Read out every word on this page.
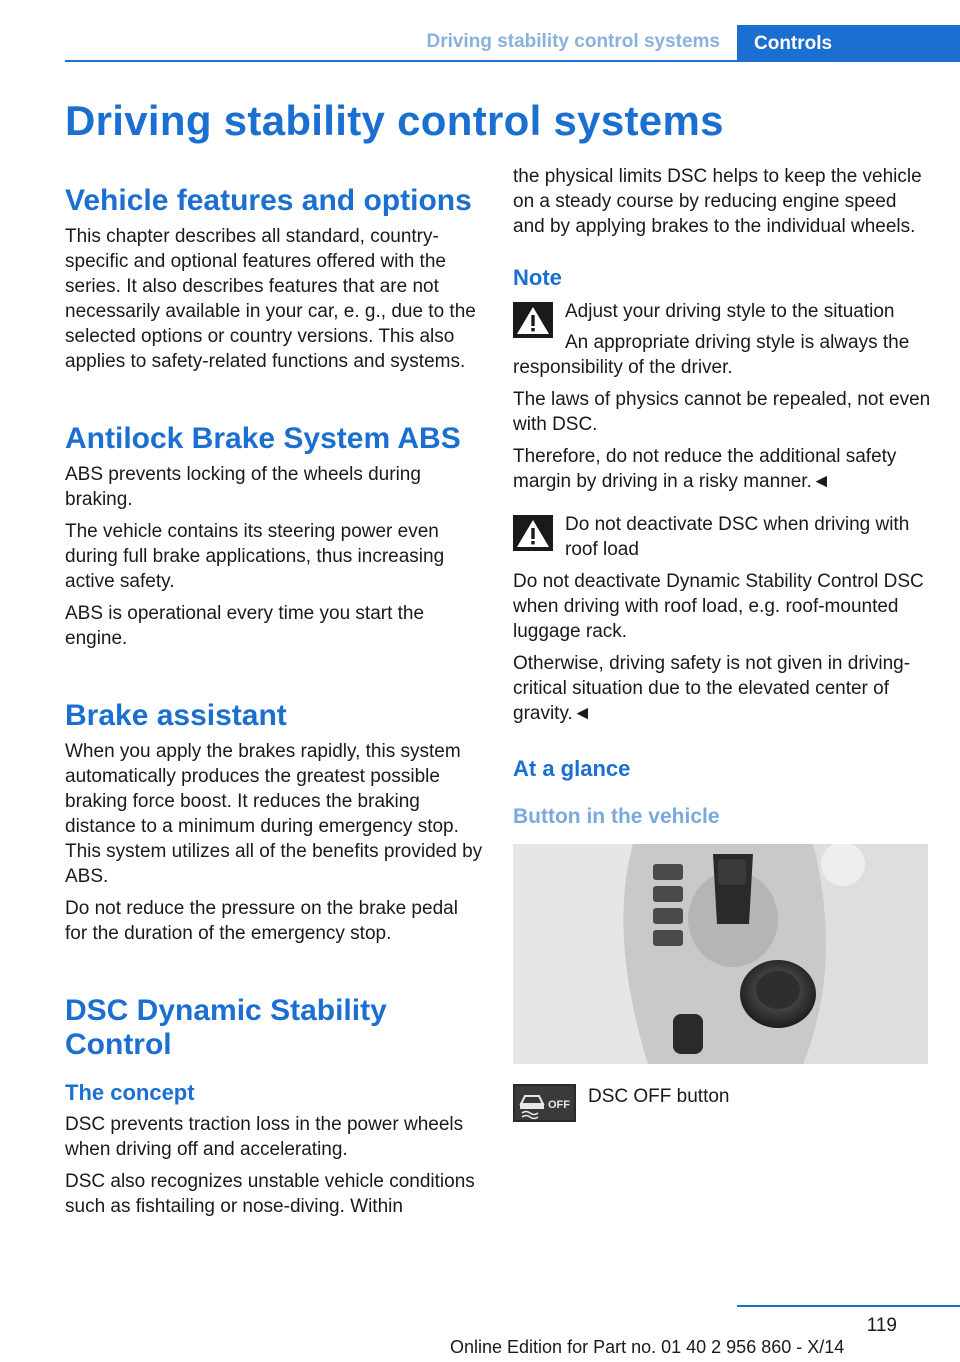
Driving stability control systems	Controls
Driving stability control systems
Vehicle features and options

This chapter describes all standard, country-specific and optional features offered with the series. It also describes features that are not necessarily available in your car, e. g., due to the selected options or country versions. This also applies to safety-related functions and systems.

Antilock Brake System ABS

ABS prevents locking of the wheels during braking.

The vehicle contains its steering power even during full brake applications, thus increasing active safety.

ABS is operational every time you start the engine.

Brake assistant

When you apply the brakes rapidly, this system automatically produces the greatest possible braking force boost. It reduces the braking distance to a minimum during emergency stop. This system utilizes all of the benefits provided by ABS.

Do not reduce the pressure on the brake pedal for the duration of the emergency stop.

DSC Dynamic Stability Control
The concept

DSC prevents traction loss in the power wheels when driving off and accelerating.

DSC also recognizes unstable vehicle conditions such as fishtailing or nose-diving. Within

the physical limits DSC helps to keep the vehicle on a steady course by reducing engine speed and by applying brakes to the individual wheels.

Note
Adjust your driving style to the situation

An appropriate driving style is always the responsibility of the driver.

The laws of physics cannot be repealed, not even with DSC.

Therefore, do not reduce the additional safety margin by driving in a risky manner.◄

Do not deactivate DSC when driving with roof load

Do not deactivate Dynamic Stability Control DSC when driving with roof load, e.g. roof-mounted luggage rack.

Otherwise, driving safety is not given in driving-critical situation due to the elevated center of gravity.◄

At a glance
Button in the vehicle
OFF DSC OFF button

119
Online Edition for Part no. 01 40 2 956 860 - X/14
